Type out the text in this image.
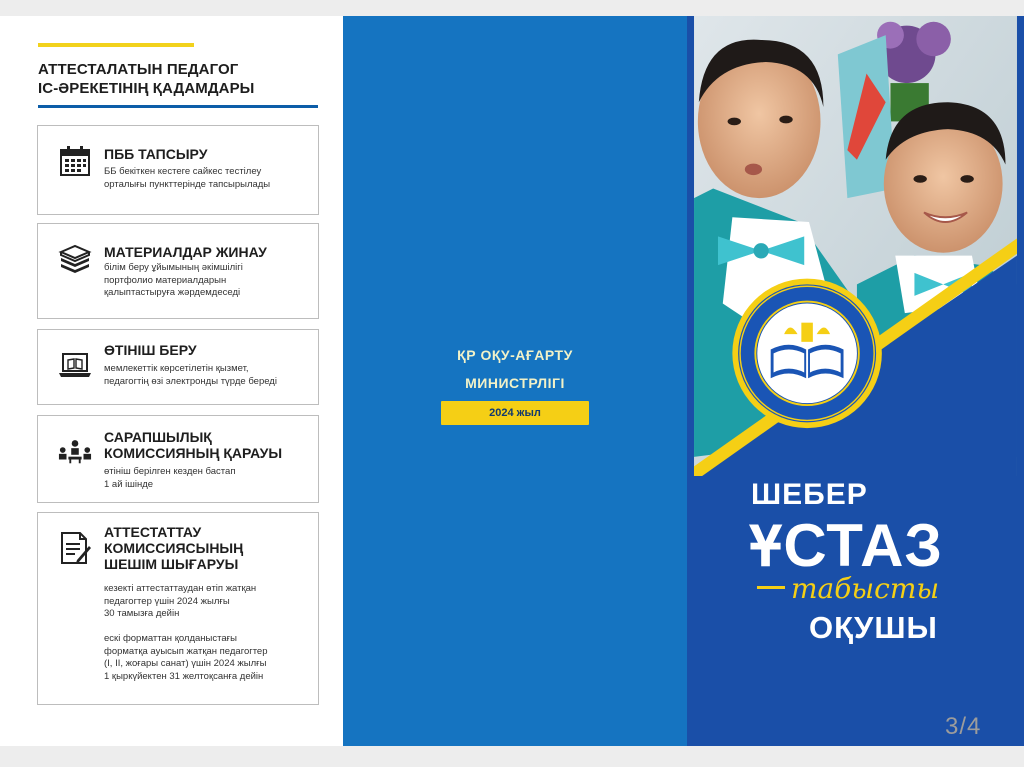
АТТЕСТАЛАТЫН ПЕДАГОГ
ІС-ӘРЕКЕТІНІҢ ҚАДАМДАРЫ
ПББ ТАПСЫРУ
ББ бекіткен кестеге сайкес тестілеу
орталығы пункттерінде тапсырылады
МАТЕРИАЛДАР ЖИНАУ
білім беру ұйымының әкімшілігі
портфолио материалдарын
қалыптастыруға жәрдемдеседі
ӨТІНІШ БЕРУ
мемлекеттік көрсетілетін қызмет,
педагогтің өзі электронды түрде береді
САРАПШЫЛЫҚ
КОМИССИЯНЫҢ ҚАРАУЫ
өтініш берілген кезден бастап
1 ай ішінде
АТТЕСТАТТАУ
КОМИССИЯСЫНЫҢ
ШЕШІМ ШЫҒАРУЫ
кезекті аттестаттаудан өтіп жатқан
педагогтер үшін 2024 жылғы
30 тамызға дейін

ескі форматтан қолданыстағы
форматқа ауысып жатқан педагогтер
(І, ІІ, жоғары санат) үшін 2024 жылғы
1 қыркүйектен 31 желтоқсанға дейін
ҚР ОҚУ-АҒАРТУ
МИНИСТРЛІГІ
2024 жыл
ШЕБЕР
ҰСТАЗ
табысты
ОҚУШЫ
3/4
